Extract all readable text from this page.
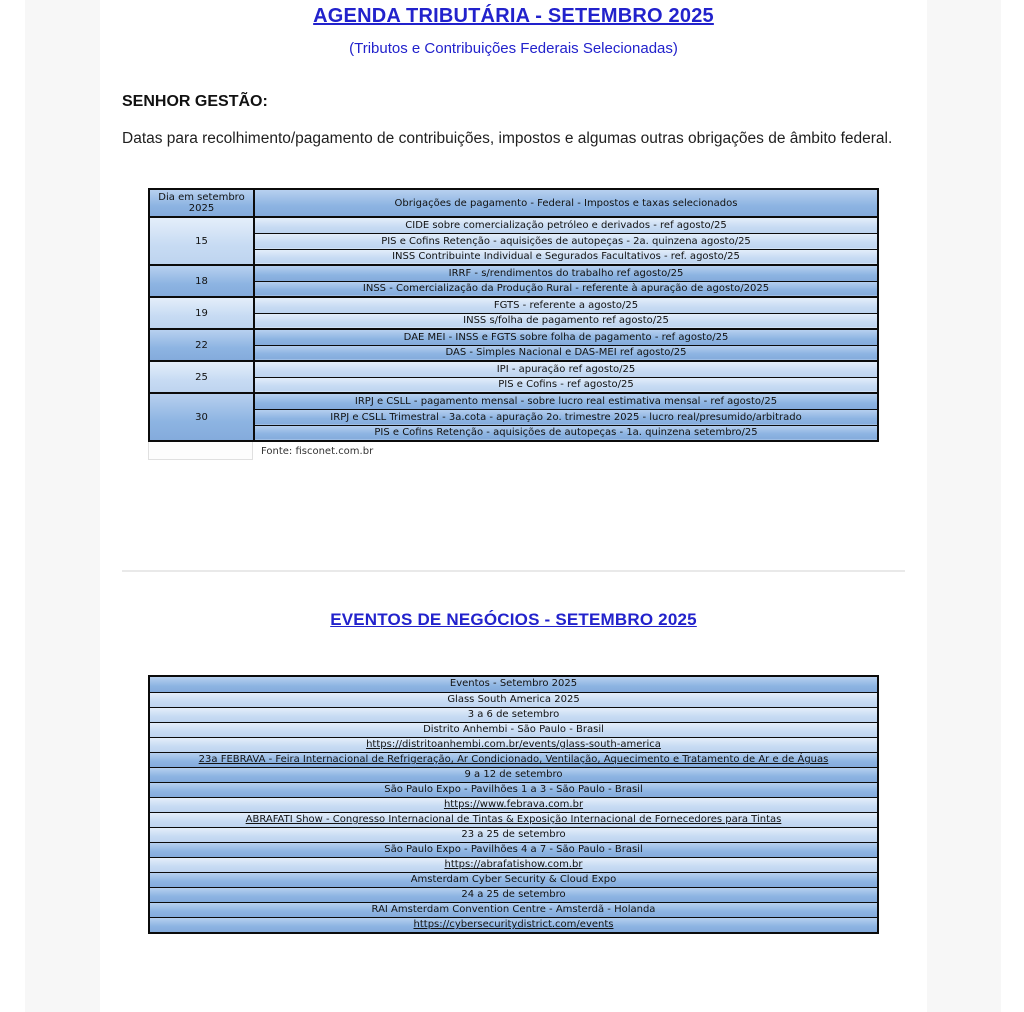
AGENDA TRIBUTÁRIA - SETEMBRO 2025
(Tributos e Contribuições Federais Selecionadas)
SENHOR GESTÃO:
Datas para recolhimento/pagamento de contribuições, impostos e algumas outras obrigações de âmbito federal.
Dia em setembro 2025	Obrigações de pagamento - Federal - Impostos e taxas selecionados
15	CIDE sobre comercialização petróleo e derivados - ref agosto/25
	PIS e Cofins Retenção - aquisições de autopeças - 2a. quinzena agosto/25
	INSS Contribuinte Individual e Segurados Facultativos - ref. agosto/25
18	IRRF - s/rendimentos do trabalho ref agosto/25
	INSS - Comercialização da Produção Rural - referente à apuração de agosto/2025
19	FGTS - referente a agosto/25
	INSS s/folha de pagamento ref agosto/25
22	DAE MEI - INSS e FGTS sobre folha de pagamento - ref agosto/25
	DAS - Simples Nacional e DAS-MEI ref agosto/25
25	IPI - apuração ref agosto/25
	PIS e Cofins - ref agosto/25
30	IRPJ e CSLL - pagamento mensal - sobre lucro real estimativa mensal - ref agosto/25
	IRPJ e CSLL Trimestral - 3a.cota - apuração 2o. trimestre 2025 - lucro real/presumido/arbitrado
	PIS e Cofins Retenção - aquisições de autopeças - 1a. quinzena setembro/25
Fonte: fisconet.com.br
EVENTOS DE NEGÓCIOS - SETEMBRO 2025
Eventos - Setembro 2025
Glass South America 2025
3 a 6 de setembro
Distrito Anhembi - São Paulo - Brasil
https://distritoanhembi.com.br/events/glass-south-america
23a FEBRAVA - Feira Internacional de Refrigeração, Ar Condicionado, Ventilação, Aquecimento e Tratamento de Ar e de Águas
9 a 12 de setembro
São Paulo Expo - Pavilhões 1 a 3 - São Paulo - Brasil
https://www.febrava.com.br
ABRAFATI Show - Congresso Internacional de Tintas & Exposição Internacional de Fornecedores para Tintas
23 a 25 de setembro
São Paulo Expo - Pavilhões 4 a 7 - São Paulo - Brasil
https://abrafatishow.com.br
Amsterdam Cyber Security & Cloud Expo
24 a 25 de setembro
RAI Amsterdam Convention Centre - Amsterdã - Holanda
https://cybersecuritydistrict.com/events
